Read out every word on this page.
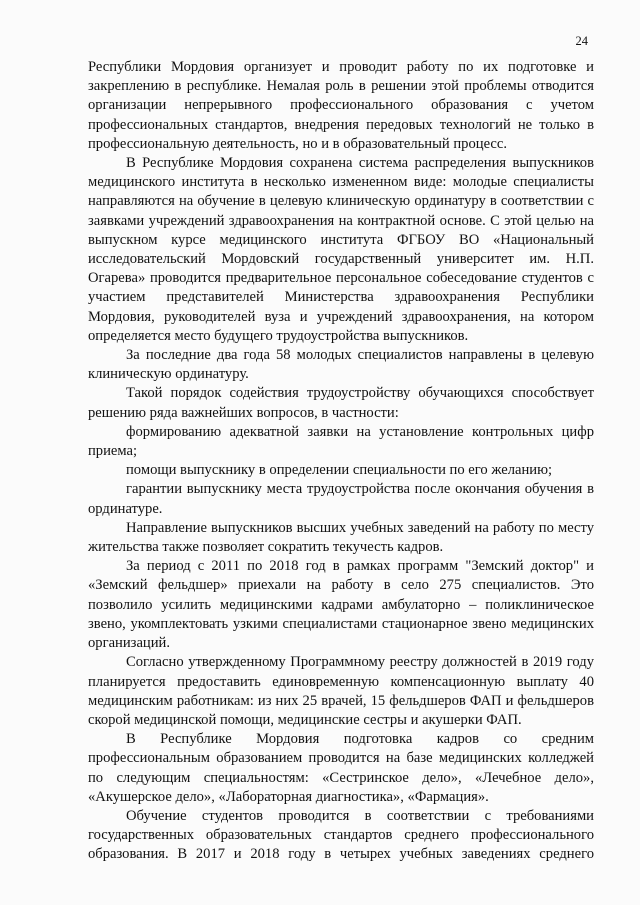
24

Республики Мордовия организует и проводит работу по их подготовке и закреплению в республике. Немалая роль в решении этой проблемы отводится организации непрерывного профессионального образования с учетом профессиональных стандартов, внедрения передовых технологий не только в профессиональную деятельность, но и в образовательный процесс.

В Республике Мордовия сохранена система распределения выпускников медицинского института в несколько измененном виде: молодые специалисты направляются на обучение в целевую клиническую ординатуру в соответствии с заявками учреждений здравоохранения на контрактной основе. С этой целью на выпускном курсе медицинского института ФГБОУ ВО «Национальный исследовательский Мордовский государственный университет им. Н.П. Огарева» проводится предварительное персональное собеседование студентов с участием представителей Министерства здравоохранения Республики Мордовия, руководителей вуза и учреждений здравоохранения, на котором определяется место будущего трудоустройства выпускников.

За последние два года 58 молодых специалистов направлены в целевую клиническую ординатуру.

Такой порядок содействия трудоустройству обучающихся способствует решению ряда важнейших вопросов, в частности:

формированию адекватной заявки на установление контрольных цифр приема;

помощи выпускнику в определении специальности по его желанию;

гарантии выпускнику места трудоустройства после окончания обучения в ординатуре.

Направление выпускников высших учебных заведений на работу по месту жительства также позволяет сократить текучесть кадров.

За период с 2011 по 2018 год в рамках программ "Земский доктор" и «Земский фельдшер» приехали на работу в село 275 специалистов. Это позволило усилить медицинскими кадрами амбулаторно – поликлиническое звено, укомплектовать узкими специалистами стационарное звено медицинских организаций.

Согласно утвержденному Программному реестру должностей в 2019 году планируется предоставить единовременную компенсационную выплату 40 медицинским работникам: из них 25 врачей, 15 фельдшеров ФАП и фельдшеров скорой медицинской помощи, медицинские сестры и акушерки ФАП.

В Республике Мордовия подготовка кадров со средним профессиональным образованием проводится на базе медицинских колледжей по следующим специальностям: «Сестринское дело», «Лечебное дело», «Акушерское дело», «Лабораторная диагностика», «Фармация».

Обучение студентов проводится в соответствии с требованиями государственных образовательных стандартов среднего профессионального образования. В 2017 и 2018 году в четырех учебных заведениях среднего
